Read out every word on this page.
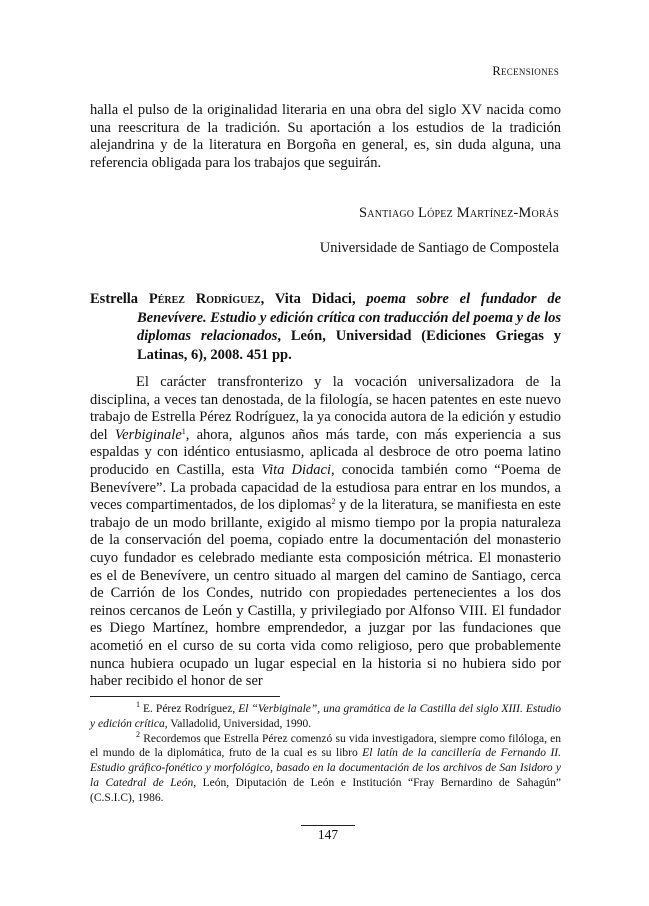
Recensiones

halla el pulso de la originalidad literaria en una obra del siglo XV nacida como una reescritura de la tradición. Su aportación a los estudios de la tradición alejandrina y de la literatura en Borgoña en general, es, sin duda alguna, una referencia obligada para los trabajos que seguirán.

Santiago López Martínez-Morás
Universidade de Santiago de Compostela

Estrella Pérez Rodríguez, Vita Didaci, poema sobre el fundador de Benevívere. Estudio y edición crítica con traducción del poema y de los diplomas relacionados, León, Universidad (Ediciones Griegas y Latinas, 6), 2008. 451 pp.

El carácter transfronterizo y la vocación universalizadora de la disciplina, a veces tan denostada, de la filología, se hacen patentes en este nuevo trabajo de Estrella Pérez Rodríguez, la ya conocida autora de la edición y estudio del Verbiginale$^1$, ahora, algunos años más tarde, con más experiencia a sus espaldas y con idéntico entusiasmo, aplicada al desbroce de otro poema latino producido en Castilla, esta Vita Didaci, conocida también como “Poema de Benevívere”. La probada capacidad de la estudiosa para entrar en los mundos, a veces compartimentados, de los diplomas$^2$ y de la literatura, se manifiesta en este trabajo de un modo brillante, exigido al mismo tiempo por la propia naturaleza de la conservación del poema, copiado entre la documentación del monasterio cuyo fundador es celebrado mediante esta composición métrica. El monasterio es el de Benevívere, un centro situado al margen del camino de Santiago, cerca de Carrión de los Condes, nutrido con propiedades pertenecientes a los dos reinos cercanos de León y Castilla, y privilegiado por Alfonso VIII. El fundador es Diego Martínez, hombre emprendedor, a juzgar por las fundaciones que acometió en el curso de su corta vida como religioso, pero que probablemente nunca hubiera ocupado un lugar especial en la historia si no hubiera sido por haber recibido el honor de ser

$^1$ E. Pérez Rodríguez, El “Verbiginale”, una gramática de la Castilla del siglo XIII. Estudio y edición crítica, Valladolid, Universidad, 1990.

$^2$ Recordemos que Estrella Pérez comenzó su vida investigadora, siempre como filóloga, en el mundo de la diplomática, fruto de la cual es su libro El latín de la cancillería de Fernando II. Estudio gráfico-fonético y morfológico, basado en la documentación de los archivos de San Isidoro y la Catedral de León, León, Diputación de León e Institución “Fray Bernardino de Sahagún” (C.S.I.C), 1986.

147
